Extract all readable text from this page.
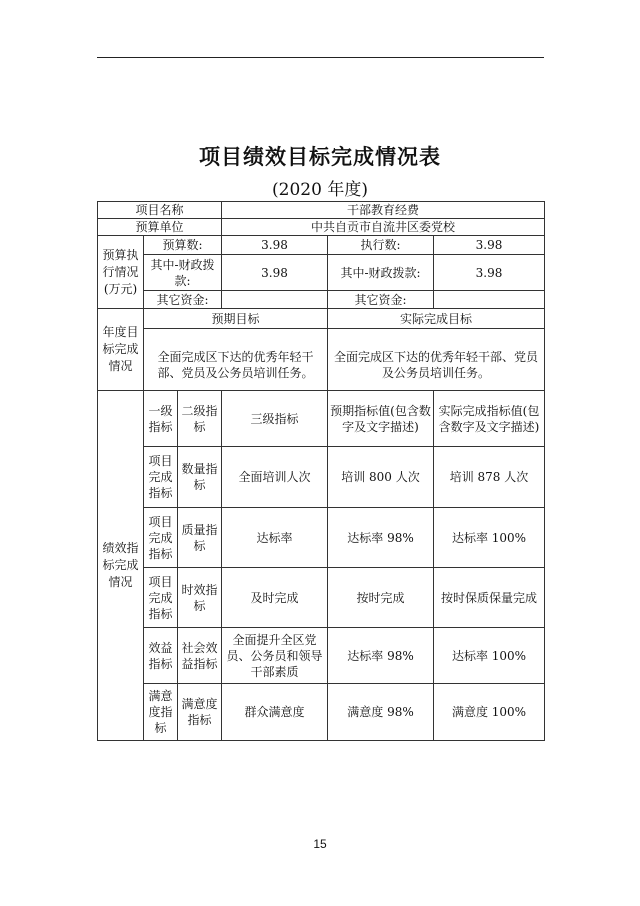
项目绩效目标完成情况表
(2020 年度)
项目名称			干部教育经费		
预算单位			中共自贡市自流井区委党校		
预算执行情况(万元)	预算数:		3.98	执行数:	3.98
	其中-财政拨款:		3.98	其中-财政拨款:	3.98
	其它资金:			其它资金:	
年度目标完成情况	预期目标			实际完成目标	
	全面完成区下达的优秀年轻干部、党员及公务员培训任务。			全面完成区下达的优秀年轻干部、党员及公务员培训任务。	
绩效指标完成情况	一级指标	二级指标	三级指标	预期指标值(包含数字及文字描述)	实际完成指标值(包含数字及文字描述)
	项目完成指标	数量指标	全面培训人次	培训 800 人次	培训 878 人次
	项目完成指标	质量指标	达标率	达标率 98%	达标率 100%
	项目完成指标	时效指标	及时完成	按时完成	按时保质保量完成
	效益指标	社会效益指标	全面提升全区党员、公务员和领导干部素质	达标率 98%	达标率 100%
	满意度指标	满意度指标	群众满意度	满意度 98%	满意度 100%
15
